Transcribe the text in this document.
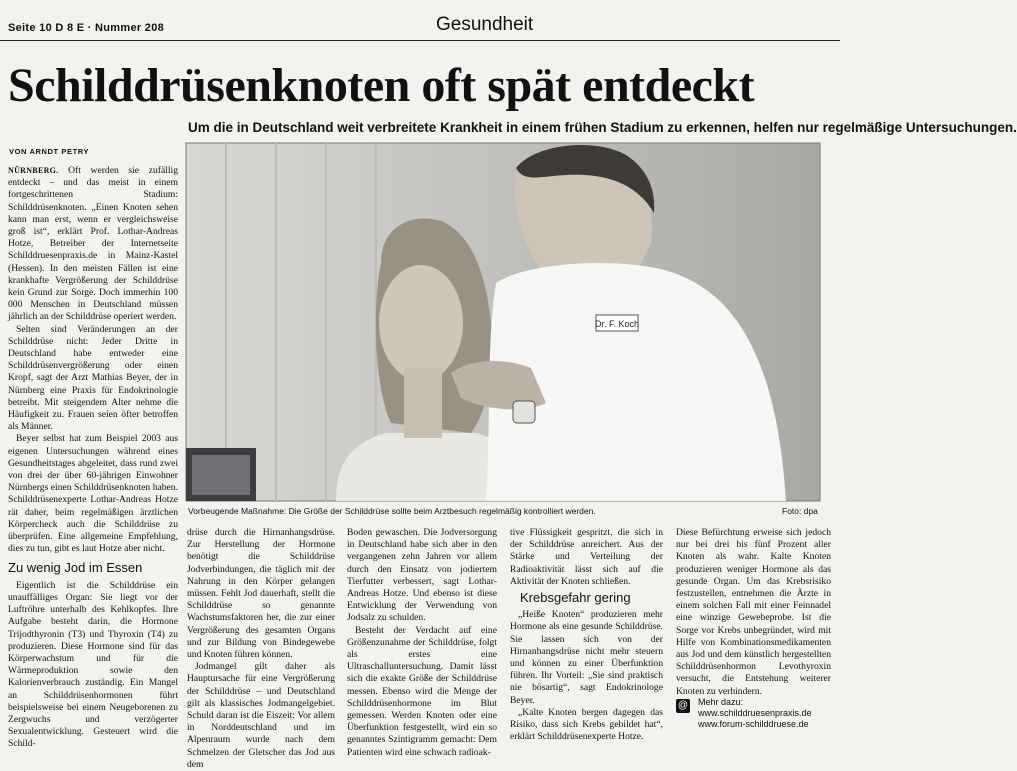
Seite 10 D 8 E · Nummer 208	Gesundheit
Schilddrüsenknoten oft spät entdeckt
Um die in Deutschland weit verbreitete Krankheit in einem frühen Stadium zu erkennen, helfen nur regelmäßige Untersuchungen.
VON ARNDT PETRY

NÜRNBERG. Oft werden sie zufällig entdeckt – und das meist in einem fortgeschrittenen Stadium: Schilddrüsenknoten. „Einen Knoten sehen kann man erst, wenn er vergleichsweise groß ist“, erklärt Prof. Lothar-Andreas Hotze, Betreiber der Internetseite Schilddruesenpraxis.de in Mainz-Kastel (Hessen). In den meisten Fällen ist eine krankhafte Vergrößerung der Schilddrüse kein Grund zur Sorge. Doch immerhin 100 000 Menschen in Deutschland müssen jährlich an der Schilddrüse operiert werden.

Selten sind Veränderungen an der Schilddrüse nicht: Jeder Dritte in Deutschland habe entweder eine Schilddrüsenvergrößerung oder einen Kropf, sagt der Arzt Mathias Beyer, der in Nürnberg eine Praxis für Endokrinologie betreibt. Mit steigendem Alter nehme die Häufigkeit zu. Frauen seien öfter betroffen als Männer.

Beyer selbst hat zum Beispiel 2003 aus eigenen Untersuchungen während eines Gesundheitstages abgeleitet, dass rund zwei von drei der über 60-jährigen Einwohner Nürnbergs einen Schilddrüsenknoten haben. Schilddrüsenexperte Lothar-Andreas Hotze rät daher, beim regelmäßigen ärztlichen Körpercheck auch die Schilddrüse zu überprüfen. Eine allgemeine Empfehlung, dies zu tun, gibt es laut Hotze aber nicht.

Zu wenig Jod im Essen

Eigentlich ist die Schilddrüse ein unauffälliges Organ: Sie liegt vor der Luftröhre unterhalb des Kehlkopfes. Ihre Aufgabe besteht darin, die Hormone Trijodthyronin (T3) und Thyroxin (T4) zu produzieren. Diese Hormone sind für das Körperwachstum und für die Wärmeproduktion sowie den Kalorienverbrauch zuständig. Ein Mangel an Schilddrüsenhormonen führt beispielsweise bei einem Neugeborenen zu Zergwuchs und verzögerter Sexualentwicklung. Gesteuert wird die Schild-

Dr. F. Koch
Vorbeugende Maßnahme: Die Größe der Schilddrüse sollte beim Arztbesuch regelmäßig kontrolliert werden.	Foto: dpa

drüse durch die Hirnanhangsdrüse. Zur Herstellung der Hormone benötigt die Schilddrüse Jodverbindungen, die täglich mit der Nahrung in den Körper gelangen müssen. Fehlt Jod dauerhaft, stellt die Schilddrüse so genannte Wachstumsfaktoren her, die zur einer Vergrößerung des gesamten Organs und zur Bildung von Bindegewebe und Knoten führen können.

Jodmangel gilt daher als Hauptursache für eine Vergrößerung der Schilddrüse – und Deutschland gilt als klassisches Jodmangelgebiet. Schuld daran ist die Eiszeit: Vor allem in Norddeutschland und im Alpenraum wurde nach dem Schmelzen der Gletscher das Jod aus dem

Boden gewaschen. Die Jodversorgung in Deutschland habe sich aber in den vergangenen zehn Jahren vor allem durch den Einsatz von jodiertem Tierfutter verbessert, sagt Lothar-Andreas Hotze. Und ebenso ist diese Entwicklung der Verwendung von Jodsalz zu schulden.

Besteht der Verdacht auf eine Größenzunahme der Schilddrüse, folgt als erstes eine Ultraschalluntersuchung. Damit lässt sich die exakte Größe der Schilddrüse messen. Ebenso wird die Menge der Schilddrüsenhormone im Blut gemessen. Werden Knoten oder eine Überfunktion festgestellt, wird ein so genanntes Szintigramm gemacht: Dem Patienten wird eine schwach radioak-

tive Flüssigkeit gespritzt, die sich in der Schilddrüse anreichert. Aus der Stärke und Verteilung der Radioaktivität lässt sich auf die Aktivität der Knoten schließen.

Krebsgefahr gering

„Heiße Knoten“ produzieren mehr Hormone als eine gesunde Schilddrüse. Sie lassen sich von der Hirnanhangsdrüse nicht mehr steuern und können zu einer Überfunktion führen. Ihr Vorteil: „Sie sind praktisch nie bösartig“, sagt Endokrinologe Beyer.

„Kalte Knoten bergen dagegen das Risiko, dass sich Krebs gebildet hat“, erklärt Schilddrüsenexperte Hotze.

Diese Befürchtung erweise sich jedoch nur bei drei bis fünf Prozent aller Knoten als wahr. Kalte Knoten produzieren weniger Hormone als das gesunde Organ. Um das Krebsrisiko festzustellen, entnehmen die Ärzte in einem solchen Fall mit einer Feinnadel eine winzige Gewebeprobe. Ist die Sorge vor Krebs unbegründet, wird mit Hilfe von Kombinationsmedikamenten aus Jod und dem künstlich hergestellten Schilddrüsenhormon Levothyroxin versucht, die Entstehung weiterer Knoten zu verhindern.

@ Mehr dazu:
www.schilddruesenpraxis.de
www.forum-schilddruese.de
